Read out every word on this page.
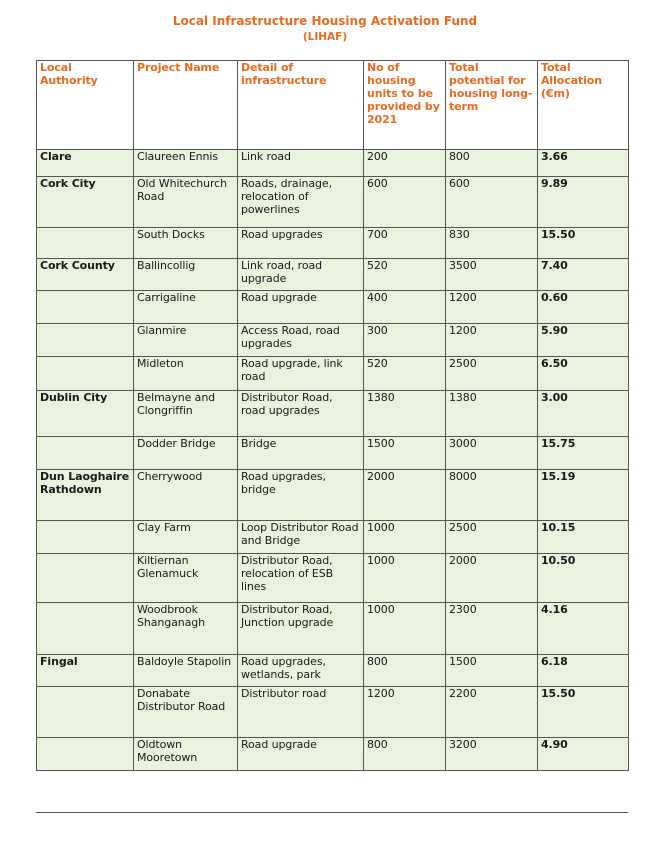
Local Infrastructure Housing Activation Fund
(LIHAF)
Local Authority	Project Name	Detail of infrastructure	No of housing units to be provided by 2021	Total potential for housing long-term	Total Allocation (€m)
Clare	Claureen Ennis	Link road	200	800	3.66
Cork City	Old Whitechurch Road	Roads, drainage, relocation of powerlines	600	600	9.89
	South Docks	Road upgrades	700	830	15.50
Cork County	Ballincollig	Link road, road upgrade	520	3500	7.40
	Carrigaline	Road upgrade	400	1200	0.60
	Glanmire	Access Road, road upgrades	300	1200	5.90
	Midleton	Road upgrade, link road	520	2500	6.50
Dublin City	Belmayne and Clongriffin	Distributor Road, road upgrades	1380	1380	3.00
	Dodder Bridge	Bridge	1500	3000	15.75
Dun Laoghaire Rathdown	Cherrywood	Road upgrades, bridge	2000	8000	15.19
	Clay Farm	Loop Distributor Road and Bridge	1000	2500	10.15
	Kiltiernan Glenamuck	Distributor Road, relocation of ESB lines	1000	2000	10.50
	Woodbrook Shanganagh	Distributor Road, Junction upgrade	1000	2300	4.16
Fingal	Baldoyle Stapolin	Road upgrades, wetlands, park	800	1500	6.18
	Donabate Distributor Road	Distributor road	1200	2200	15.50
	Oldtown Mooretown	Road upgrade	800	3200	4.90
